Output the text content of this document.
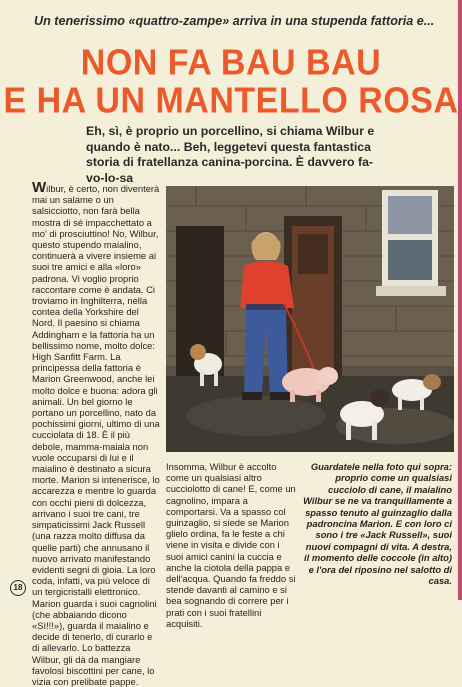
Un tenerissimo «quattro-zampe» arriva in una stupenda fattoria e...
NON FA BAU BAU
E HA UN MANTELLO ROSA
Eh, sì, è proprio un porcellino, si chiama Wilbur e quando è nato... Beh, leggetevi questa fantastica storia di fratellanza canina-porcina. È davvero fa-vo-lo-sa

Wilbur, è certo, non diventerà mai un salame o un salsicciotto, non farà bella mostra di sé impacchettato a mo' di prosciuttino! No, Wilbur, questo stupendo maialino, continuerà a vivere insieme ai suoi tre amici e alla «loro» padrona. Vi voglio proprio raccontare come è andata. Ci troviamo in Inghilterra, nella contea della Yorkshire del Nord. Il paesino si chiama Addingham e la fattoria ha un bellissimo nome, molto dolce: High Sanfitt Farm. La principessa della fattoria è Marion Greenwood, anche lei molto dolce e buona: adora gli animali. Un bel giorno le portano un porcellino, nato da pochissimi giorni, ultimo di una cucciolata di 18. È il più debole, mamma-maiala non vuole occuparsi di lui e il maialino è destinato a sicura morte. Marion si intenerisce, lo accarezza e mentre lo guarda con occhi pieni di dolcezza, arrivano i suoi tre cani, tre simpaticissimi Jack Russell (una razza molto diffusa da quelle parti) che annusano il nuovo arrivato manifestando evidenti segni di gioia. La loro coda, infatti, va più veloce di un tergicristalli elettronico. Marion guarda i suoi cagnolini (che abbaiando dicono «Sì!!!»), guarda il maialino e decide di tenerlo, di curarlo e di allevarlo. Lo battezza Wilbur, gli dà da mangiare favolosi biscottini per cane, lo vizia con prelibate pappe.

Insomma, Wilbur è accolto come un qualsiasi altro cucciolotto di cane! E, come un cagnolino, impara a comportarsi. Va a spasso col guinzaglio, si siede se Marion glielo ordina, fa le feste a chi viene in visita e divide con i suoi amici canini la cuccia e anche la ciotola della pappa e dell'acqua. Quando fa freddo si stende davanti al camino e si bea sognando di correre per i prati con i suoi fratellini acquisiti.

Guardatele nella foto qui sopra: proprio come un qualsiasi cucciolo di cane, il maialino Wilbur se ne va tranquillamente a spasso tenuto al guinzaglio dalla padroncina Marion. E con loro ci sono i tre «Jack Russell», suoi nuovi compagni di vita. A destra, il momento delle coccole (in alto) e l'ora del riposino nel salotto di casa.

18
